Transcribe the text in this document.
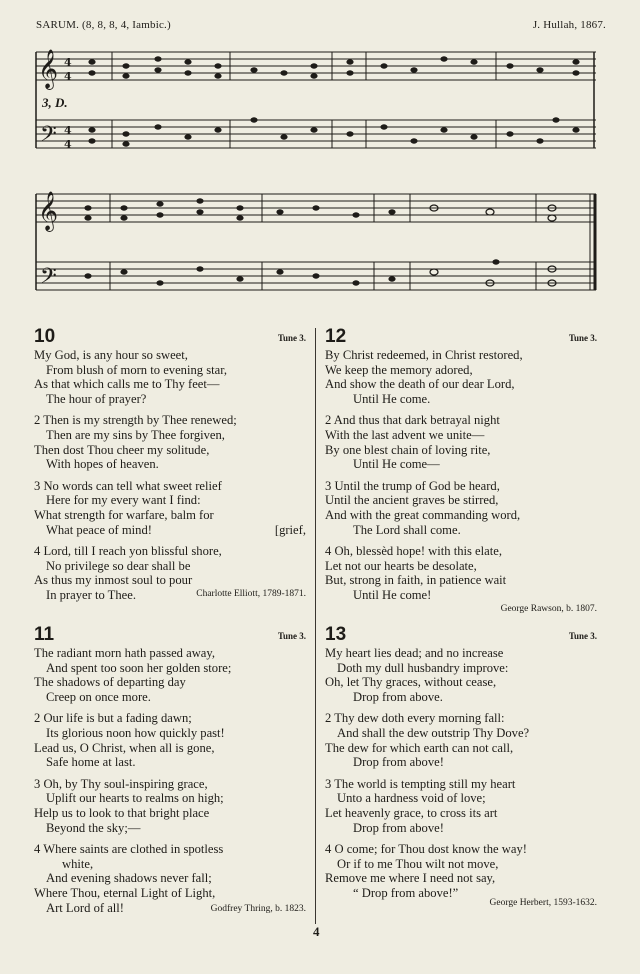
SARUM. (8, 8, 8, 4, Iambic.)	J. Hullah, 1867.
3, D.
𝄞
𝄢
4
4
4
4
𝄞
𝄢
10	Tune 3.
My God, is any hour so sweet,
From blush of morn to evening star,
As that which calls me to Thy feet—
The hour of prayer?
2 Then is my strength by Thee renewed;
Then are my sins by Thee forgiven,
Then dost Thou cheer my solitude,
With hopes of heaven.
3 No words can tell what sweet relief
Here for my every want I find:
What strength for warfare, balm for
What peace of mind!	[grief,
4 Lord, till I reach yon blissful shore,
No privilege so dear shall be
As thus my inmost soul to pour
In prayer to Thee.	Charlotte Elliott, 1789-1871.
11	Tune 3.
The radiant morn hath passed away,
And spent too soon her golden store;
The shadows of departing day
Creep on once more.
2 Our life is but a fading dawn;
Its glorious noon how quickly past!
Lead us, O Christ, when all is gone,
Safe home at last.
3 Oh, by Thy soul-inspiring grace,
Uplift our hearts to realms on high;
Help us to look to that bright place
Beyond the sky;—
4 Where saints are clothed in spotless
white,
And evening shadows never fall;
Where Thou, eternal Light of Light,
Art Lord of all!	Godfrey Thring, b. 1823.
12	Tune 3.
By Christ redeemed, in Christ restored,
We keep the memory adored,
And show the death of our dear Lord,
Until He come.
2 And thus that dark betrayal night
With the last advent we unite—
By one blest chain of loving rite,
Until He come—
3 Until the trump of God be heard,
Until the ancient graves be stirred,
And with the great commanding word,
The Lord shall come.
4 Oh, blessèd hope! with this elate,
Let not our hearts be desolate,
But, strong in faith, in patience wait
Until He come!
George Rawson, b. 1807.
13	Tune 3.
My heart lies dead; and no increase
Doth my dull husbandry improve:
Oh, let Thy graces, without cease,
Drop from above.
2 Thy dew doth every morning fall:
And shall the dew outstrip Thy Dove?
The dew for which earth can not call,
Drop from above!
3 The world is tempting still my heart
Unto a hardness void of love;
Let heavenly grace, to cross its art
Drop from above!
4 O come; for Thou dost know the way!
Or if to me Thou wilt not move,
Remove me where I need not say,
“ Drop from above!”
George Herbert, 1593-1632.
4
